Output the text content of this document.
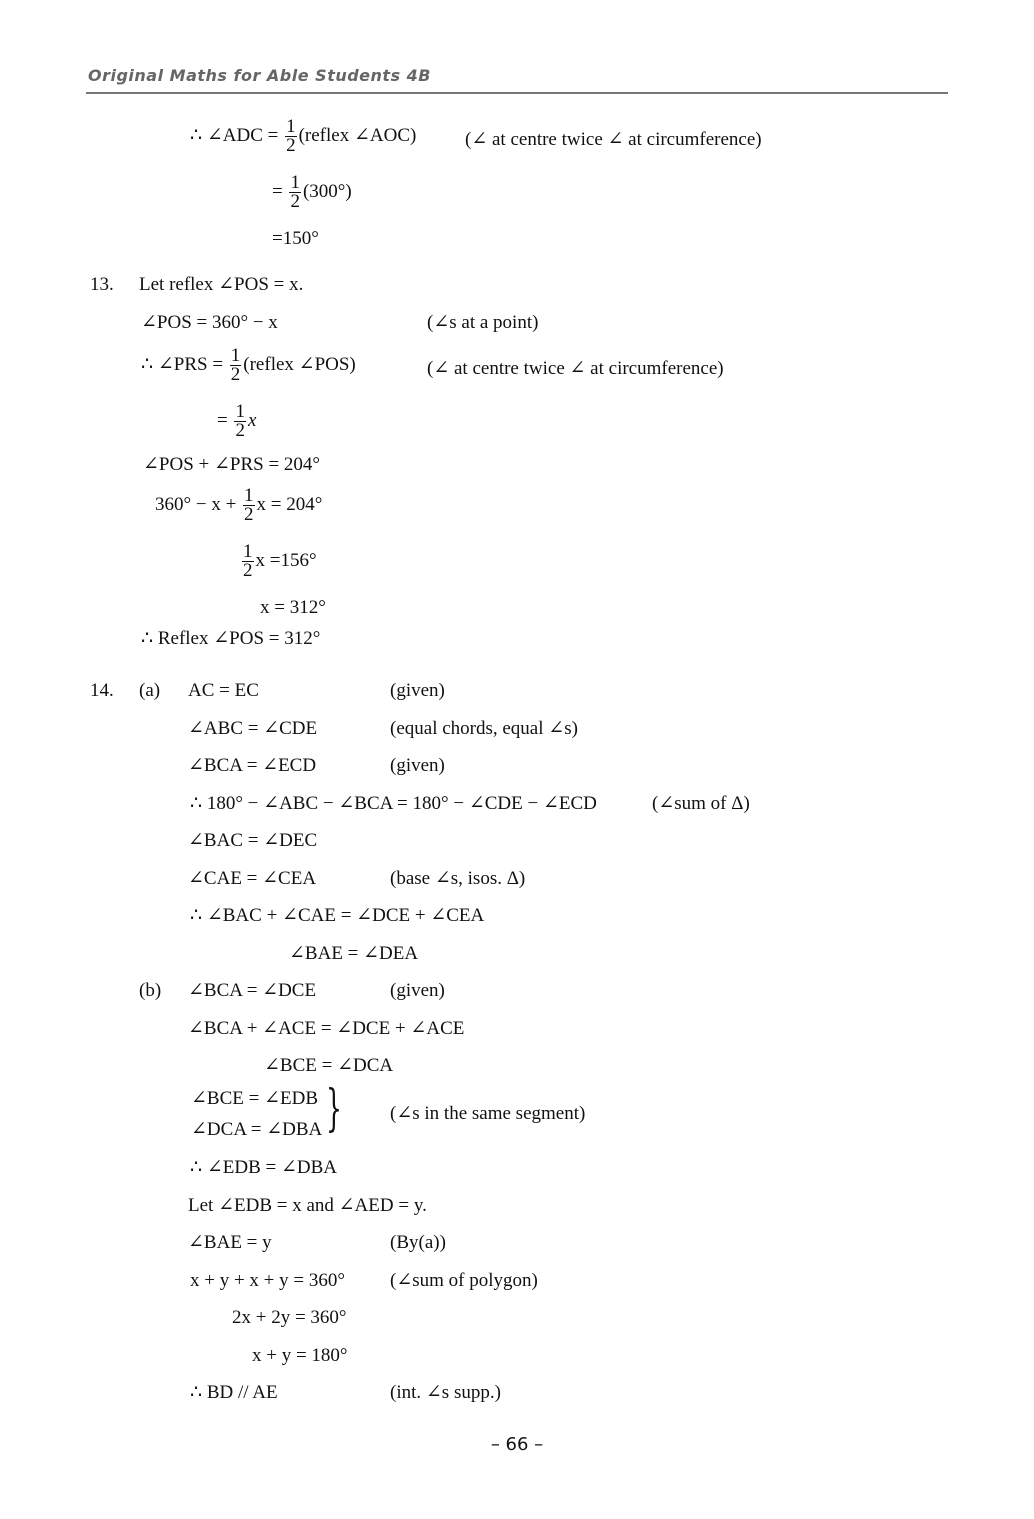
Original Maths for Able Students 4B
∴ ∠ADC = $\frac{1}{2}$ (reflex ∠AOC)	(∠ at centre twice ∠ at circumference)
= $\frac{1}{2} (300^\circ)$
=150°
13. Let reflex ∠POS = x.
∠POS = 360° − x	(∠s at a point)
∴ ∠PRS = $\frac{1}{2}$ (reflex ∠POS)	(∠ at centre twice ∠ at circumference)
= $\frac{1}{2}$ x
∠POS + ∠PRS = 204°
$360^\circ - x + \frac{1}{2}$ x = 204°
$\frac{1}{2}$ x =156°
x = 312°
∴ Reflex ∠POS = 312°
14. (a) AC = EC	(given)
∠ABC = ∠CDE	(equal chords, equal ∠s)
∠BCA = ∠ECD	(given)
∴ 180° − ∠ABC − ∠BCA = 180° − ∠CDE − ∠ECD	(∠sum of Δ)
∠BAC = ∠DEC
∠CAE = ∠CEA	(base ∠s, isos. Δ)
∴ ∠BAC + ∠CAE = ∠DCE + ∠CEA
∠BAE = ∠DEA
(b) ∠BCA = ∠DCE	(given)
∠BCA + ∠ACE = ∠DCE + ∠ACE
∠BCE = ∠DCA
∠BCE = ∠EDB
∠DCA = ∠DBA }	(∠s in the same segment)
∴ ∠EDB = ∠DBA
Let ∠EDB = x and ∠AED = y.
∠BAE = y	(By(a))
x + y + x + y = 360° (∠sum of polygon)
2x + 2y = 360°
x + y = 180°
∴ BD // AE	(int. ∠s supp.)
– 66 –
